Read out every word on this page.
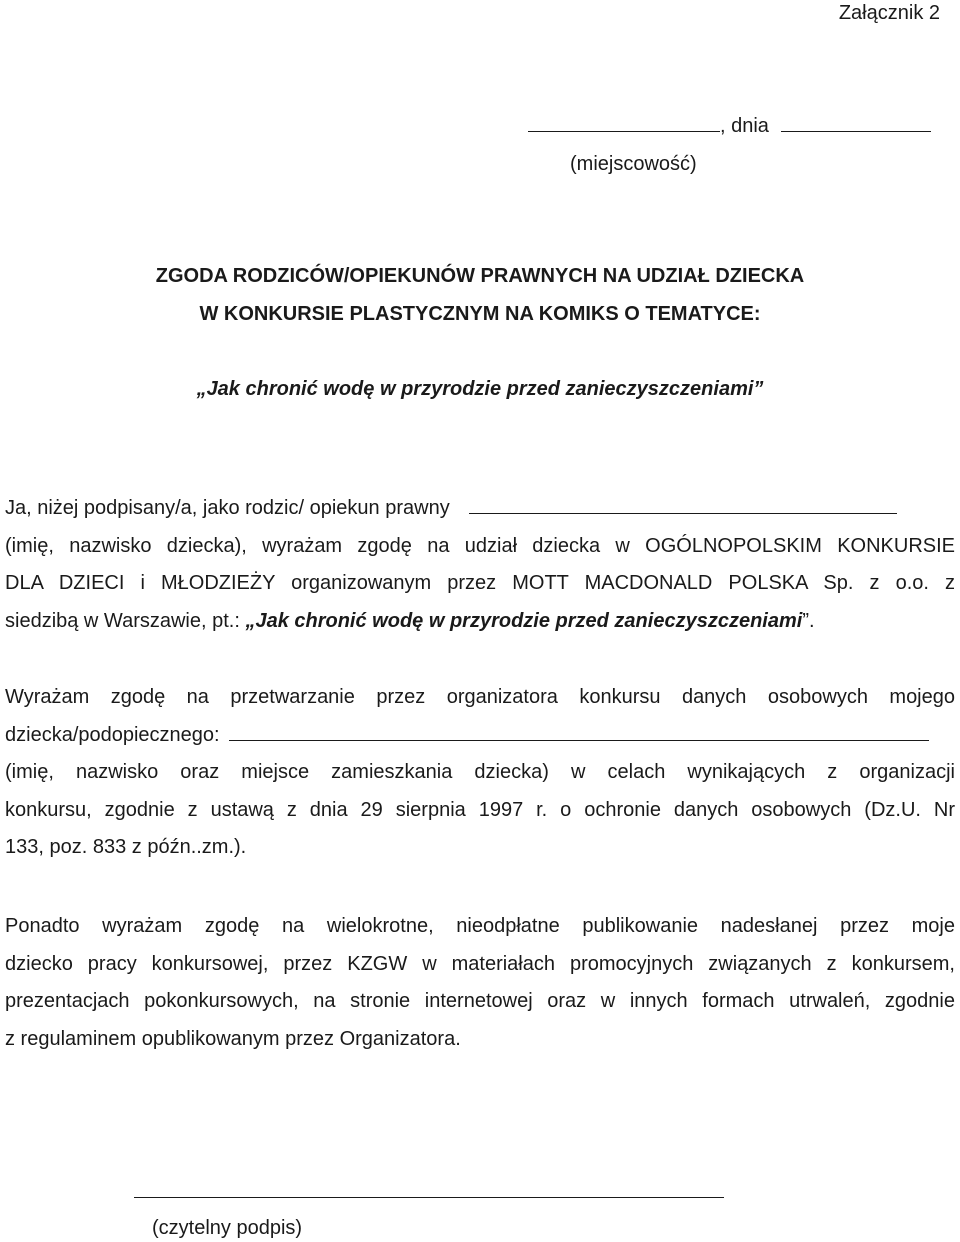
Załącznik 2
, dnia
(miejscowość)
ZGODA RODZICÓW/OPIEKUNÓW PRAWNYCH NA UDZIAŁ DZIECKA
W KONKURSIE PLASTYCZNYM NA KOMIKS O TEMATYCE:
„Jak chronić wodę w przyrodzie przed zanieczyszczeniami”
Ja, niżej podpisany/a, jako rodzic/ opiekun prawny
(imię, nazwisko dziecka), wyrażam zgodę na udział dziecka w OGÓLNOPOLSKIM KONKURSIE
DLA DZIECI i MŁODZIEŻY organizowanym przez MOTT MACDONALD POLSKA Sp. z o.o. z
siedzibą w Warszawie, pt.: „Jak chronić wodę w przyrodzie przed zanieczyszczeniami”.
Wyrażam zgodę na przetwarzanie przez organizatora konkursu danych osobowych mojego
dziecka/podopiecznego:
(imię, nazwisko oraz miejsce zamieszkania dziecka) w celach wynikających z organizacji
konkursu, zgodnie z ustawą z dnia 29 sierpnia 1997 r. o ochronie danych osobowych (Dz.U. Nr
133, poz. 833 z późn..zm.).
Ponadto wyrażam zgodę na wielokrotne, nieodpłatne publikowanie nadesłanej przez moje
dziecko pracy konkursowej, przez KZGW w materiałach promocyjnych związanych z konkursem,
prezentacjach pokonkursowych, na stronie internetowej oraz w innych formach utrwaleń, zgodnie
z regulaminem opublikowanym przez Organizatora.
(czytelny podpis)
